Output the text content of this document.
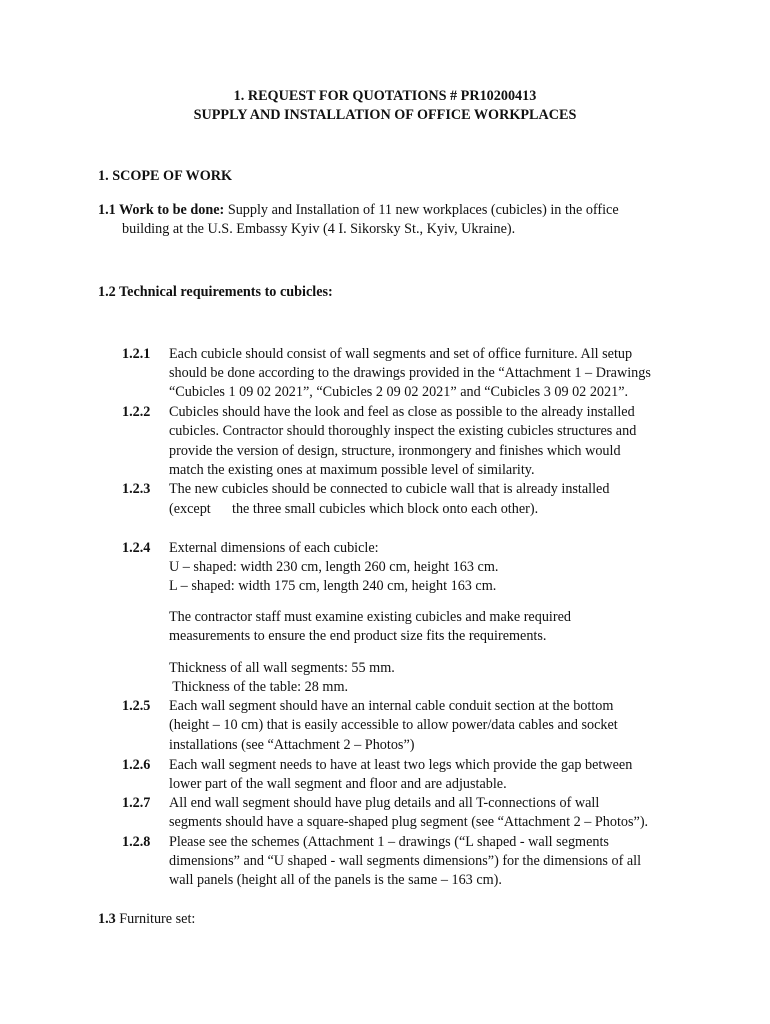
1. REQUEST FOR QUOTATIONS # PR10200413
SUPPLY AND INSTALLATION OF OFFICE WORKPLACES
1. SCOPE OF WORK
1.1 Work to be done: Supply and Installation of 11 new workplaces (cubicles) in the office
building at the U.S. Embassy Kyiv (4 I. Sikorsky St., Kyiv, Ukraine).
1.2 Technical requirements to cubicles:
1.2.1 Each cubicle should consist of wall segments and set of office furniture. All setup
should be done according to the drawings provided in the “Attachment 1 – Drawings
“Cubicles 1 09 02 2021”, “Cubicles 2 09 02 2021” and “Cubicles 3 09 02 2021”.
1.2.2 Cubicles should have the look and feel as close as possible to the already installed
cubicles. Contractor should thoroughly inspect the existing cubicles structures and
provide the version of design, structure, ironmongery and finishes which would
match the existing ones at maximum possible level of similarity.
1.2.3 The new cubicles should be connected to cubicle wall that is already installed
(except      the three small cubicles which block onto each other).
1.2.4 External dimensions of each cubicle:
U – shaped: width 230 cm, length 260 cm, height 163 cm.
L – shaped: width 175 cm, length 240 cm, height 163 cm.
The contractor staff must examine existing cubicles and make required
measurements to ensure the end product size fits the requirements.
Thickness of all wall segments: 55 mm.
Thickness of the table: 28 mm.
1.2.5 Each wall segment should have an internal cable conduit section at the bottom
(height – 10 cm) that is easily accessible to allow power/data cables and socket
installations (see “Attachment 2 – Photos”)
1.2.6 Each wall segment needs to have at least two legs which provide the gap between
lower part of the wall segment and floor and are adjustable.
1.2.7 All end wall segment should have plug details and all T-connections of wall
segments should have a square-shaped plug segment (see “Attachment 2 – Photos”).
1.2.8 Please see the schemes (Attachment 1 – drawings (“L shaped - wall segments
dimensions” and “U shaped - wall segments dimensions”) for the dimensions of all
wall panels (height all of the panels is the same – 163 cm).
1.3 Furniture set:
